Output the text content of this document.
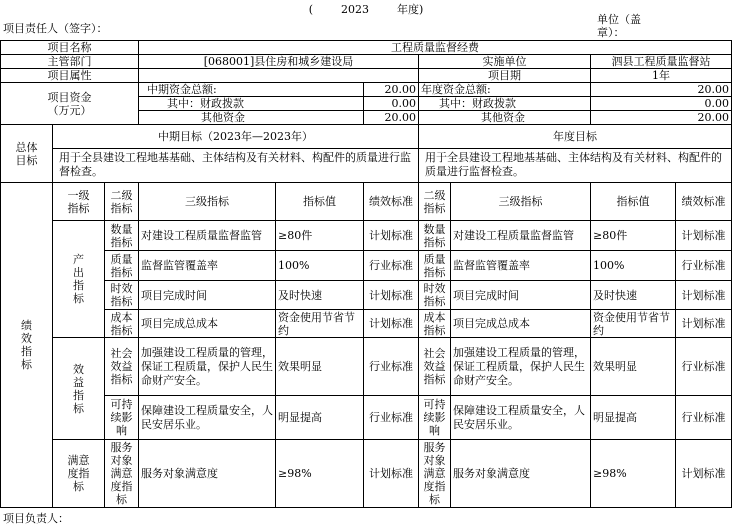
(        2023        年度)
项目责任人（签字）：
单位（盖章）：
项目名称			工程质量监督经费						
主管部门			[068001]县住房和城乡建设局			实施单位		泗县工程质量监督站	
项目属性						项目期		1年	
项目资金
（万元）			中期资金总额:		20.00	年度资金总额:		20.00	
			其中：财政拨款		0.00	其中：财政拨款		0.00	
			其他资金		20.00	其他资金		20.00	
总体目标	中期目标（2023年—2023年）					年度目标			
	用于全县建设工程地基基础、主体结构及有关材料、构配件的质量进行监督检查。					用于全县建设工程地基基础、主体结构及有关材料、构配件的质量进行监督检查。			
绩效指标	一级指标	二级指标	三级指标	指标值	绩效标准	二级指标	三级指标	指标值	绩效标准
	产出指标	数量指标	对建设工程质量监督监管	≥80件	计划标准	数量指标	对建设工程质量监督监管	≥80件	计划标准
		质量指标	监督监管覆盖率	100%	行业标准	质量指标	监督监管覆盖率	100%	行业标准
		时效指标	项目完成时间	及时快速	计划标准	时效指标	项目完成时间	及时快速	计划标准
		成本指标	项目完成总成本	资金使用节省节约	计划标准	成本指标	项目完成总成本	资金使用节省节约	计划标准
	效益指标	社会效益指标	加强建设工程质量的管理，保证工程质量，保护人民生命财产安全。	效果明显	行业标准	社会效益指标	加强建设工程质量的管理，保证工程质量，保护人民生命财产安全。	效果明显	行业标准
		可持续影响	保障建设工程质量安全，人民安居乐业。	明显提高	行业标准	可持续影响	保障建设工程质量安全，人民安居乐业。	明显提高	行业标准
	满意度指标	服务对象满意度指标	服务对象满意度	≥98%	计划标准	服务对象满意度指标	服务对象满意度	≥98%	计划标准
项目负责人：
